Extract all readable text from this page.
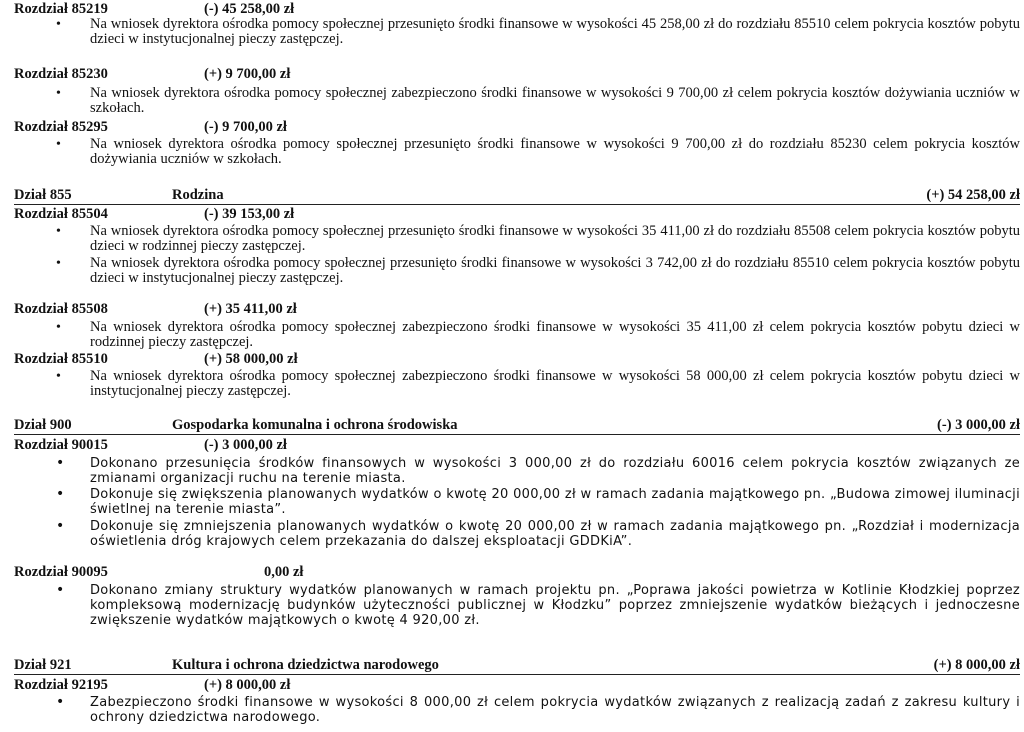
Rozdział 85219	(-) 45 258,00 zł
• Na wniosek dyrektora ośrodka pomocy społecznej przesunięto środki finansowe w wysokości 45 258,00 zł do rozdziału 85510 celem pokrycia kosztów pobytu dzieci w instytucjonalnej pieczy zastępczej.
Rozdział 85230	(+) 9 700,00 zł
• Na wniosek dyrektora ośrodka pomocy społecznej zabezpieczono środki finansowe w wysokości 9 700,00 zł celem pokrycia kosztów dożywiania uczniów w szkołach.
Rozdział 85295	(-) 9 700,00 zł
• Na wniosek dyrektora ośrodka pomocy społecznej przesunięto środki finansowe w wysokości 9 700,00 zł do rozdziału 85230 celem pokrycia kosztów dożywiania uczniów w szkołach.
Dział 855	Rodzina	(+) 54 258,00 zł
Rozdział 85504	(-) 39 153,00 zł
• Na wniosek dyrektora ośrodka pomocy społecznej przesunięto środki finansowe w wysokości 35 411,00 zł do rozdziału 85508 celem pokrycia kosztów pobytu dzieci w rodzinnej pieczy zastępczej.
• Na wniosek dyrektora ośrodka pomocy społecznej przesunięto środki finansowe w wysokości 3 742,00 zł do rozdziału 85510 celem pokrycia kosztów pobytu dzieci w instytucjonalnej pieczy zastępczej.
Rozdział 85508	(+) 35 411,00 zł
• Na wniosek dyrektora ośrodka pomocy społecznej zabezpieczono środki finansowe w wysokości 35 411,00 zł celem pokrycia kosztów pobytu dzieci w rodzinnej pieczy zastępczej.
Rozdział 85510	(+) 58 000,00 zł
• Na wniosek dyrektora ośrodka pomocy społecznej zabezpieczono środki finansowe w wysokości 58 000,00 zł celem pokrycia kosztów pobytu dzieci w instytucjonalnej pieczy zastępczej.
Dział 900	Gospodarka komunalna i ochrona środowiska	(-) 3 000,00 zł
Rozdział 90015	(-) 3 000,00 zł
• Dokonano przesunięcia środków finansowych w wysokości 3 000,00 zł do rozdziału 60016 celem pokrycia kosztów związanych ze zmianami organizacji ruchu na terenie miasta.
• Dokonuje się zwiększenia planowanych wydatków o kwotę 20 000,00 zł w ramach zadania majątkowego pn. „Budowa zimowej iluminacji świetlnej na terenie miasta”.
• Dokonuje się zmniejszenia planowanych wydatków o kwotę 20 000,00 zł w ramach zadania majątkowego pn. „Rozdział i modernizacja oświetlenia dróg krajowych celem przekazania do dalszej eksploatacji GDDKiA”.
Rozdział 90095	0,00 zł
• Dokonano zmiany struktury wydatków planowanych w ramach projektu pn. „Poprawa jakości powietrza w Kotlinie Kłodzkiej poprzez kompleksową modernizację budynków użyteczności publicznej w Kłodzku” poprzez zmniejszenie wydatków bieżących i jednoczesne zwiększenie wydatków majątkowych o kwotę 4 920,00 zł.
Dział 921	Kultura i ochrona dziedzictwa narodowego	(+) 8 000,00 zł
Rozdział 92195	(+) 8 000,00 zł
• Zabezpieczono środki finansowe w wysokości 8 000,00 zł celem pokrycia wydatków związanych z realizacją zadań z zakresu kultury i ochrony dziedzictwa narodowego.
